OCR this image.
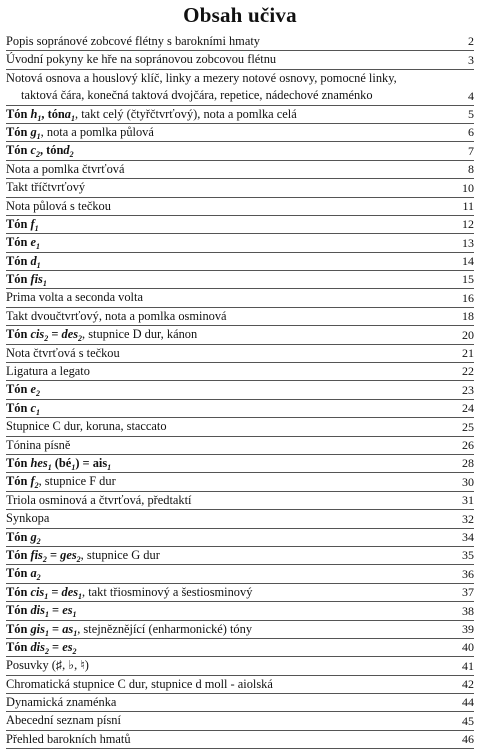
Obsah učiva
Popis sopránové zobcové flétny s barokními hmaty	2
Úvodní pokyny ke hře na sopránovou zobcovou flétnu	3
Notová osnova a houslový klíč, linky a mezery notové osnovy, pomocné linky,
taktová čára, konečná taktová dvojčára, repetice, nádechové znaménko	4
Tón $h_1$, tóna$_1$, takt celý (čtyřčtvrťový), nota a pomlka celá	5
Tón $g_1$, nota a pomlka půlová	6
Tón $c_2$, tónd$_2$	7
Nota a pomlka čtvrťová	8
Takt tříčtvrťový	10
Nota půlová s tečkou	11
Tón $f_1$	12
Tón $e_1$	13
Tón $d_1$	14
Tón fis$_1$	15
Prima volta a seconda volta	16
Takt dvoučtvrťový, nota a pomlka osminová	18
Tón cis$_2$ = des$_2$, stupnice D dur, kánon	20
Nota čtvrťová s tečkou	21
Ligatura a legato	22
Tón $e_2$	23
Tón $c_1$	24
Stupnice C dur, koruna, staccato	25
Tónina písně	26
Tón hes$_1$ $(bé_1) = ais_1$	28
Tón $f_2$, stupnice F dur	30
Triola osminová a čtvrťová, předtaktí	31
Synkopa	32
Tón $g_2$	34
Tón fis$_2$ = ges$_2$, stupnice G dur	35
Tón $a_2$	36
Tón cis$_1$ = des$_1$, takt třiosminový a šestiosminový	37
Tón $dis_1 = es_1$	38
Tón $gis_1 = as_1$, stejnĕznĕjící (enharmonické) tóny	39
Tón $dis_2 = es_2$	40
Posuvky (♯, ♭, ♮)	41
Chromatická stupnice C dur, stupnice d moll - aiolská	42
Dynamická znaménka	44
Abecední seznam písní	45
Přehled barokních hmatů	46
